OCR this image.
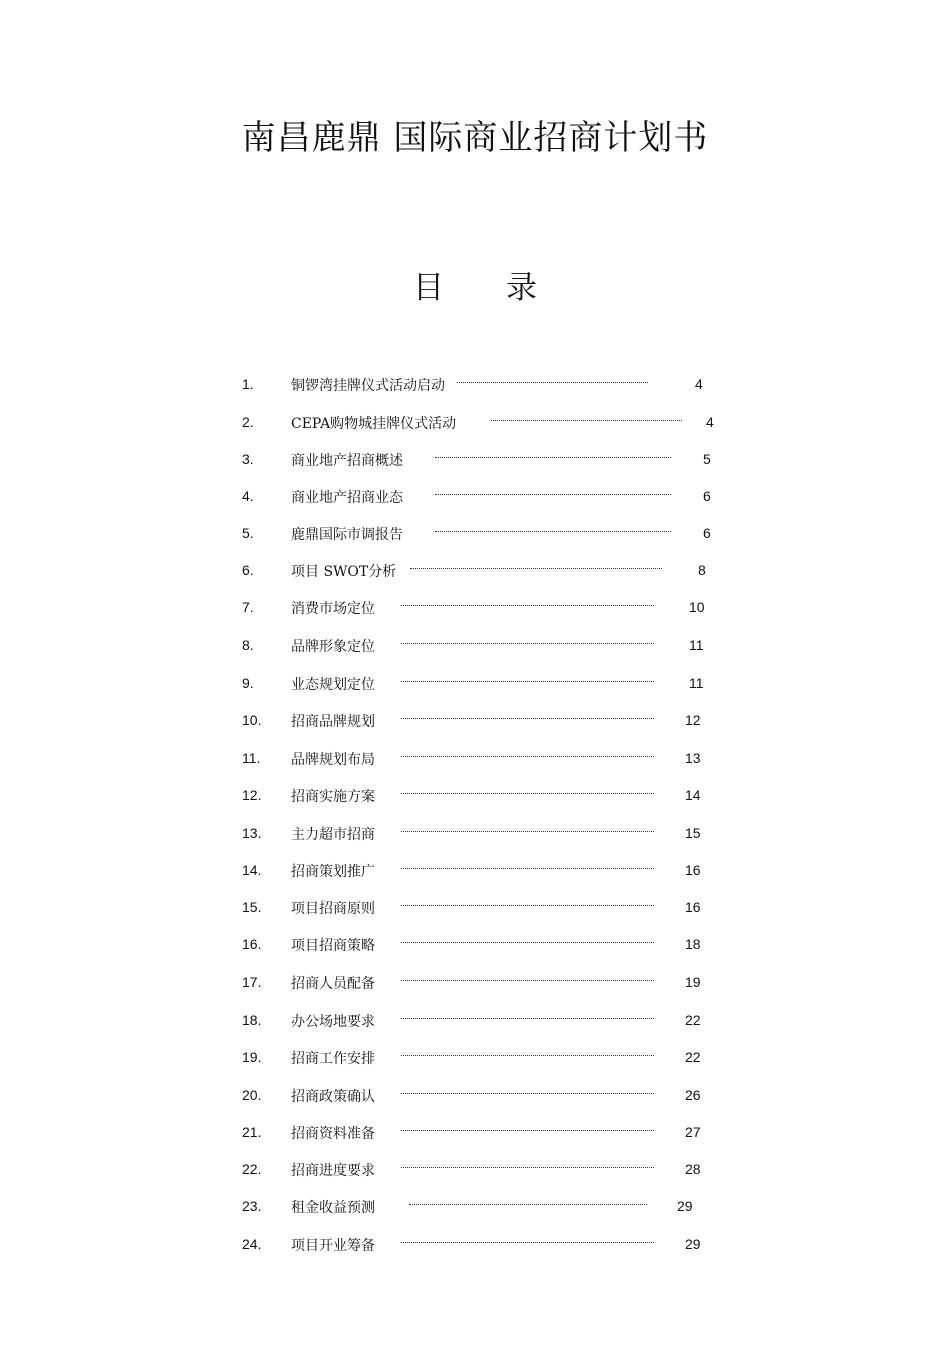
南昌鹿鼎 国际商业招商计划书
目 录
1.	铜锣湾挂牌仪式活动启动	4
2.	CEPA购物城挂牌仪式活动	4
3.	商业地产招商概述	5
4.	商业地产招商业态	6
5.	鹿鼎国际市调报告	6
6.	项目 SWOT分析	8
7.	消费市场定位	10
8.	品牌形象定位	11
9.	业态规划定位	11
10. 招商品牌规划	12
11. 品牌规划布局	13
12. 招商实施方案	14
13. 主力超市招商	15
14. 招商策划推广	16
15. 项目招商原则	16
16. 项目招商策略	18
17. 招商人员配备	19
18. 办公场地要求	22
19. 招商工作安排	22
20. 招商政策确认	26
21. 招商资料准备	27
22. 招商进度要求	28
23. 租金收益预测	29
24. 项目开业筹备	29
